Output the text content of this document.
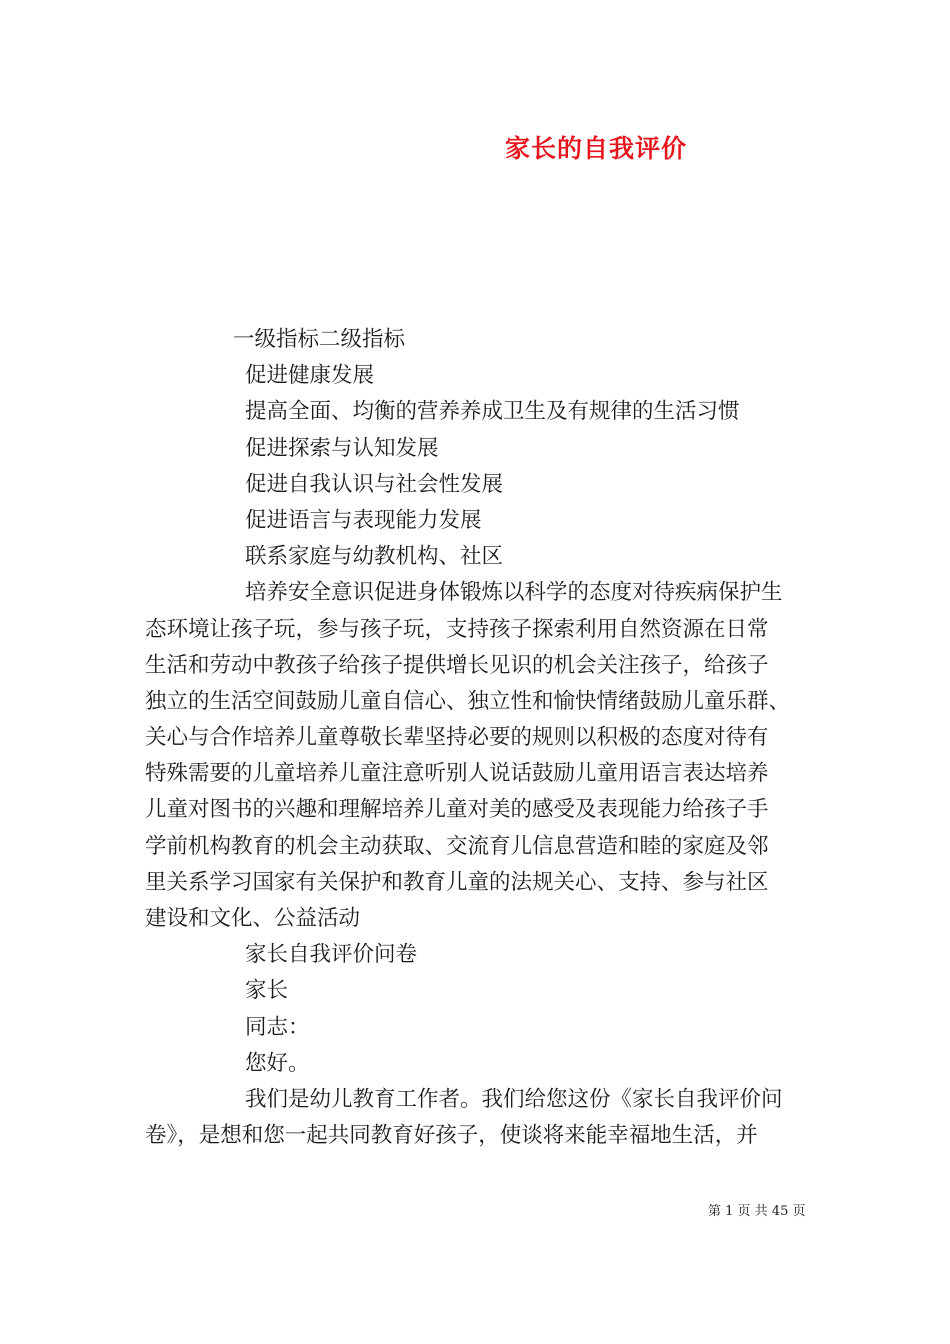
家长的自我评价
一级指标二级指标
促进健康发展
提高全面、均衡的营养养成卫生及有规律的生活习惯
促进探索与认知发展
促进自我认识与社会性发展
促进语言与表现能力发展
联系家庭与幼教机构、社区
培养安全意识促进身体锻炼以科学的态度对待疾病保护生
态环境让孩子玩，参与孩子玩，支持孩子探索利用自然资源在日常
生活和劳动中教孩子给孩子提供增长见识的机会关注孩子，给孩子
独立的生活空间鼓励儿童自信心、独立性和愉快情绪鼓励儿童乐群、
关心与合作培养儿童尊敬长辈坚持必要的规则以积极的态度对待有
特殊需要的儿童培养儿童注意听别人说话鼓励儿童用语言表达培养
儿童对图书的兴趣和理解培养儿童对美的感受及表现能力给孩子手
学前机构教育的机会主动获取、交流育儿信息营造和睦的家庭及邻
里关系学习国家有关保护和教育儿童的法规关心、支持、参与社区
建设和文化、公益活动
家长自我评价问卷
家长
同志：
您好。
我们是幼儿教育工作者。我们给您这份《家长自我评价问
卷》，是想和您一起共同教育好孩子，使谈将来能幸福地生活，并
第 1 页 共 45 页
